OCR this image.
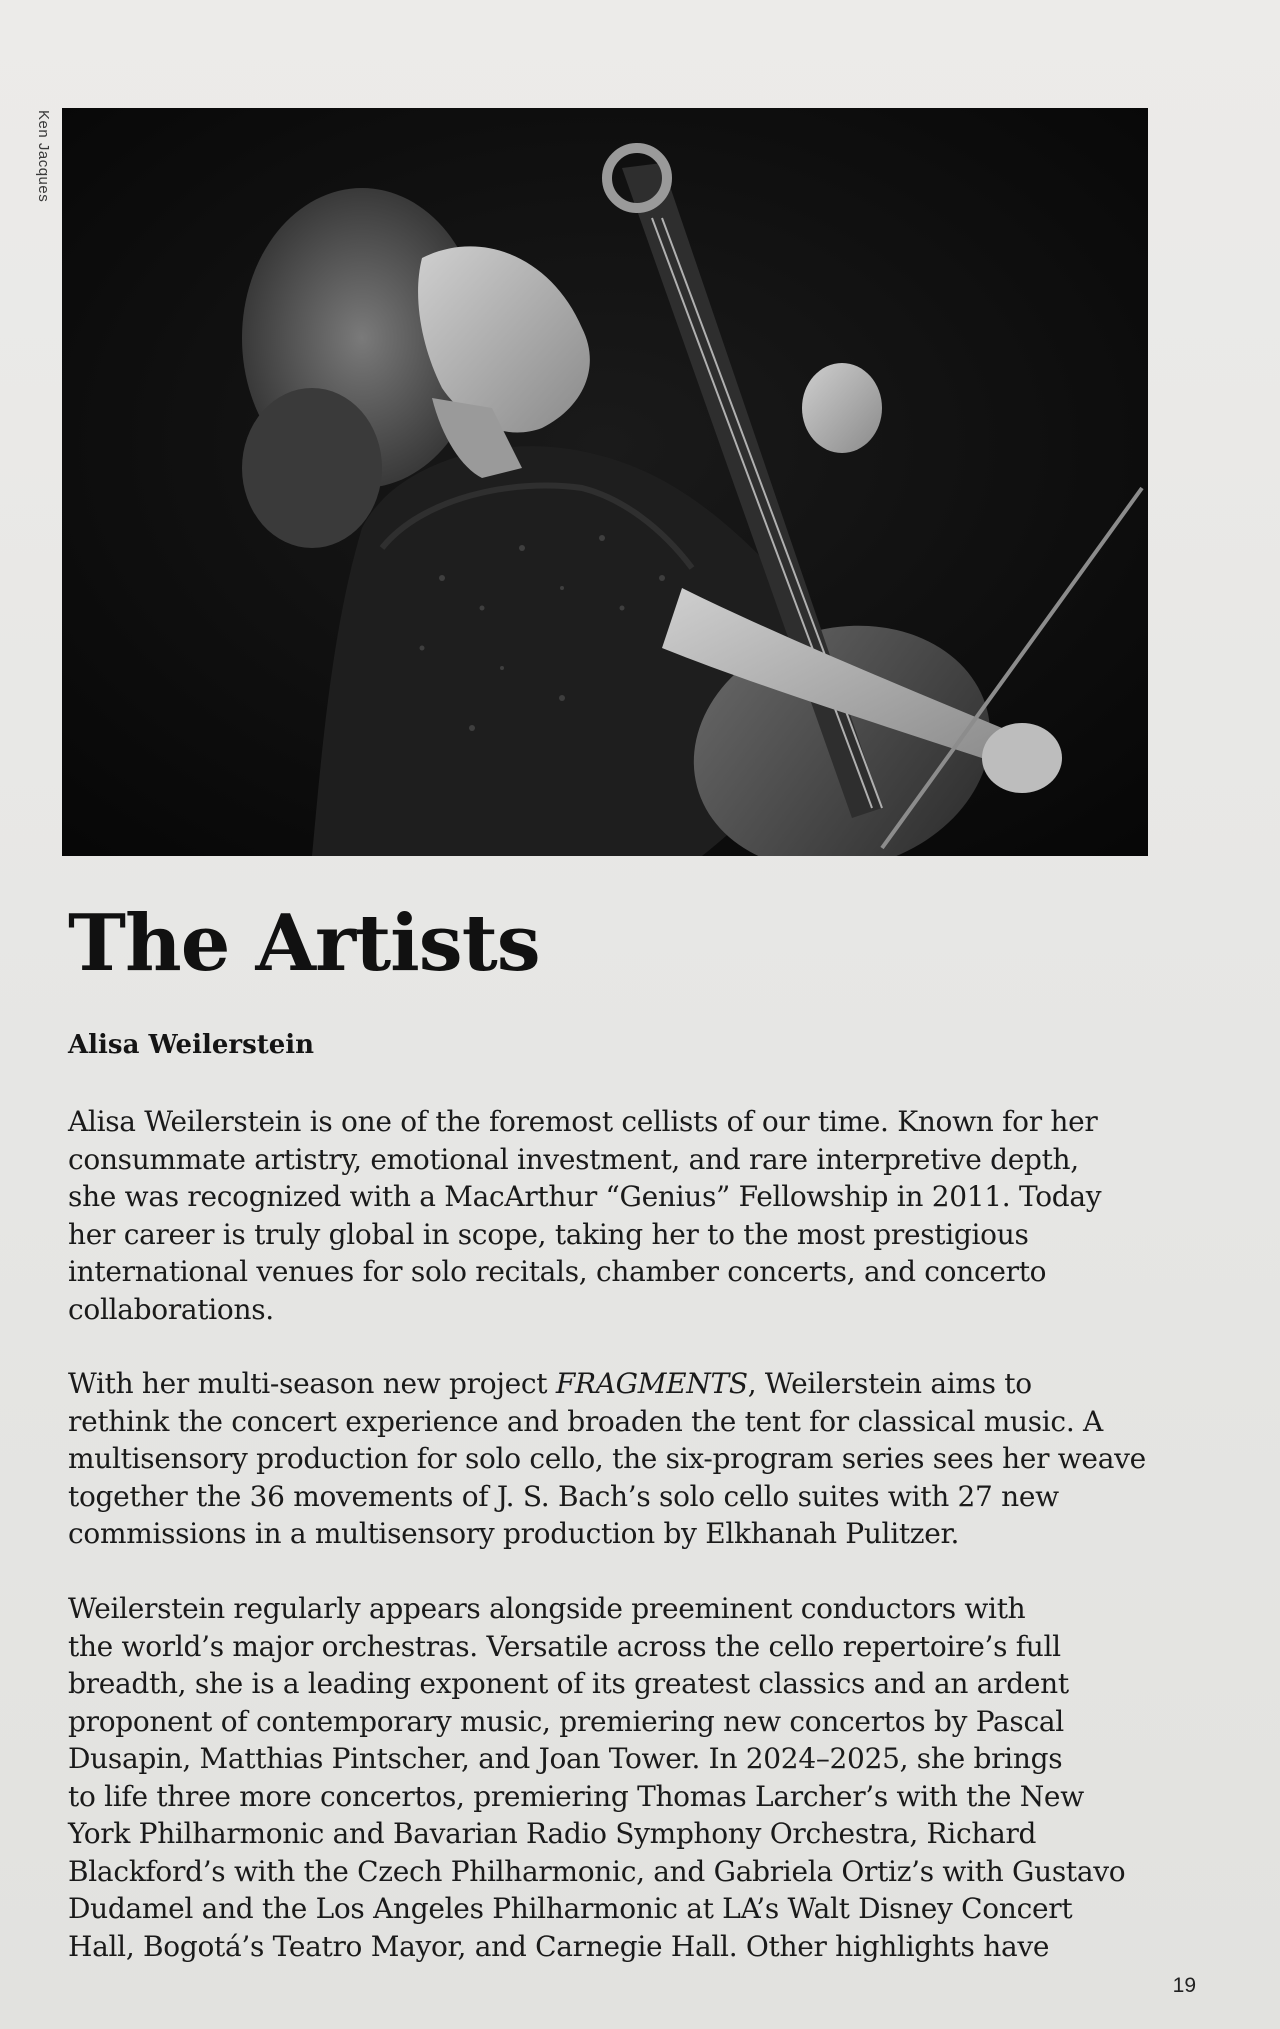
Ken Jacques
The Artists
Alisa Weilerstein

Alisa Weilerstein is one of the foremost cellists of our time. Known for her
consummate artistry, emotional investment, and rare interpretive depth,
she was recognized with a MacArthur “Genius” Fellowship in 2011. Today
her career is truly global in scope, taking her to the most prestigious
international venues for solo recitals, chamber concerts, and concerto
collaborations.

With her multi-season new project FRAGMENTS, Weilerstein aims to
rethink the concert experience and broaden the tent for classical music. A
multisensory production for solo cello, the six-program series sees her weave
together the 36 movements of J. S. Bach’s solo cello suites with 27 new
commissions in a multisensory production by Elkhanah Pulitzer.

Weilerstein regularly appears alongside preeminent conductors with
the world’s major orchestras. Versatile across the cello repertoire’s full
breadth, she is a leading exponent of its greatest classics and an ardent
proponent of contemporary music, premiering new concertos by Pascal
Dusapin, Matthias Pintscher, and Joan Tower. In 2024–2025, she brings
to life three more concertos, premiering Thomas Larcher’s with the New
York Philharmonic and Bavarian Radio Symphony Orchestra, Richard
Blackford’s with the Czech Philharmonic, and Gabriela Ortiz’s with Gustavo
Dudamel and the Los Angeles Philharmonic at LA’s Walt Disney Concert
Hall, Bogotá’s Teatro Mayor, and Carnegie Hall. Other highlights have

19
